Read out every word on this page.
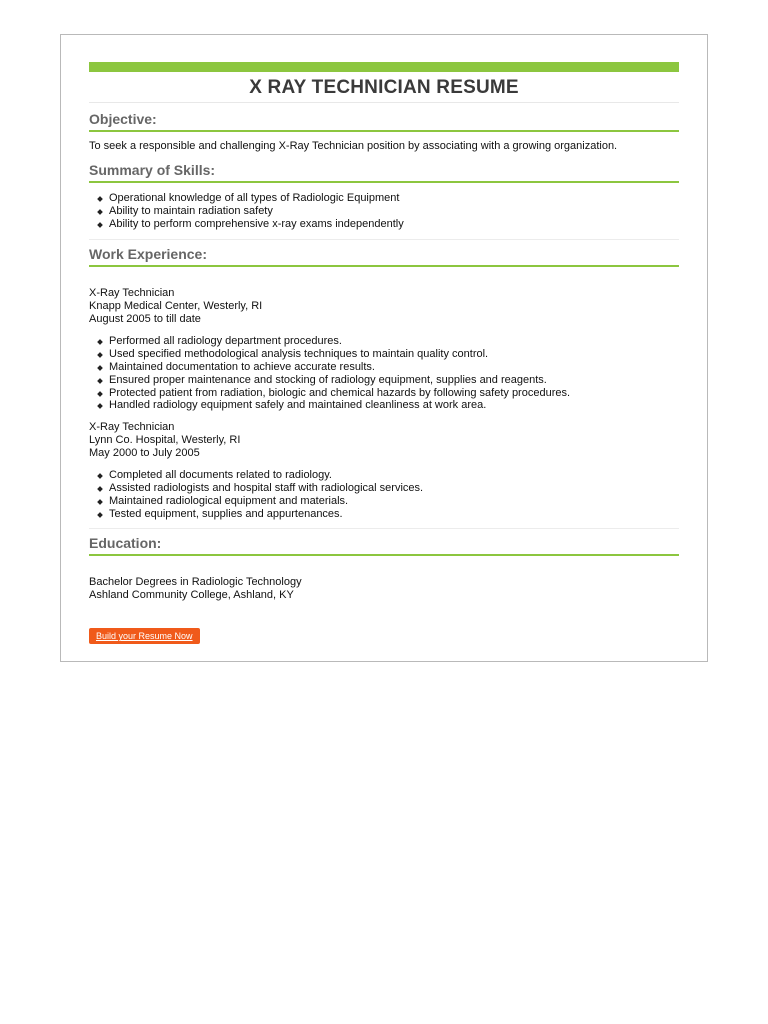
X RAY TECHNICIAN RESUME
Objective:
To seek a responsible and challenging X-Ray Technician position by associating with a growing organization.
Summary of Skills:
Operational knowledge of all types of Radiologic Equipment
Ability to maintain radiation safety
Ability to perform comprehensive x-ray exams independently
Work Experience:
X-Ray Technician
Knapp Medical Center, Westerly, RI
August 2005 to till date
Performed all radiology department procedures.
Used specified methodological analysis techniques to maintain quality control.
Maintained documentation to achieve accurate results.
Ensured proper maintenance and stocking of radiology equipment, supplies and reagents.
Protected patient from radiation, biologic and chemical hazards by following safety procedures.
Handled radiology equipment safely and maintained cleanliness at work area.
X-Ray Technician
Lynn Co. Hospital, Westerly, RI
May 2000 to July 2005
Completed all documents related to radiology.
Assisted radiologists and hospital staff with radiological services.
Maintained radiological equipment and materials.
Tested equipment, supplies and appurtenances.
Education:
Bachelor Degrees in Radiologic Technology
Ashland Community College, Ashland, KY
Build your Resume Now
